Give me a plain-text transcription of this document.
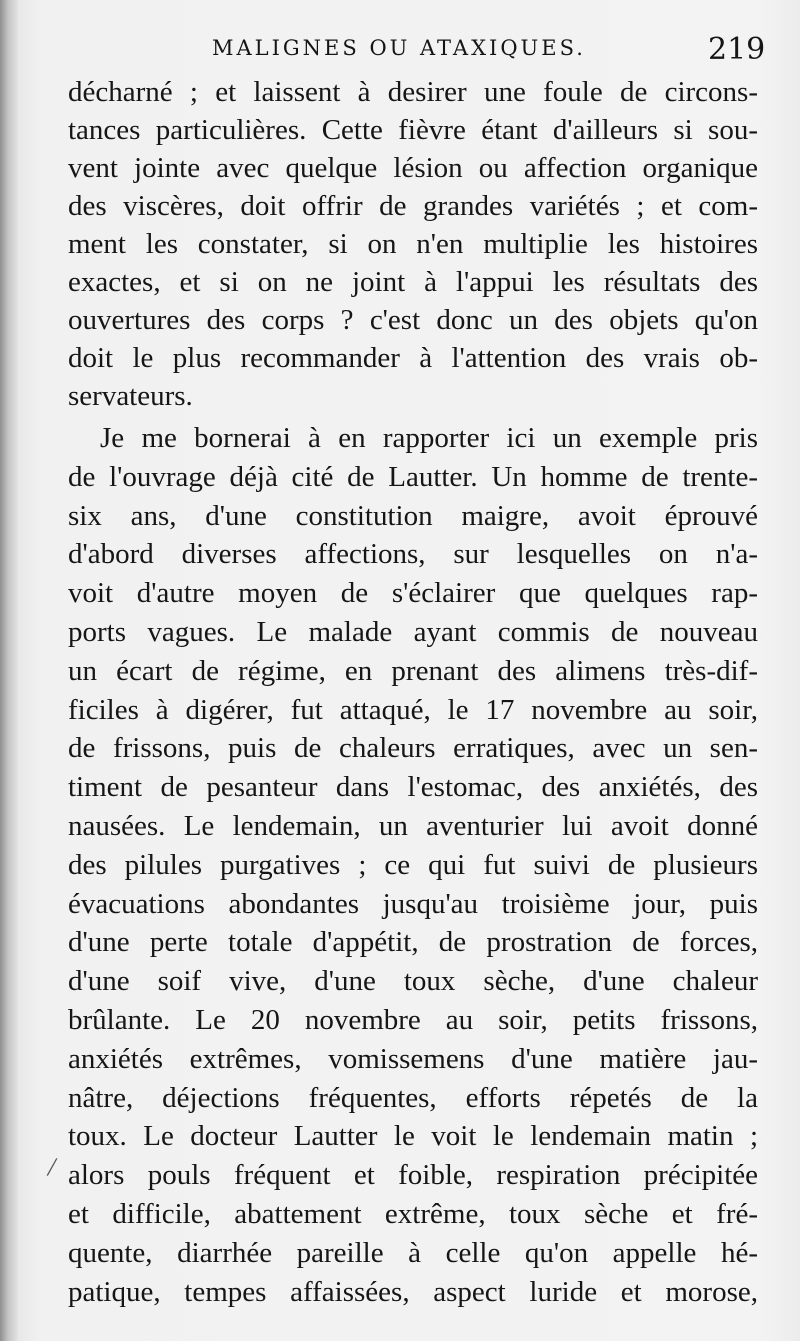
MALIGNES OU ATAXIQUES.	219
décharné ; et laissent à desirer une foule de circons-
tances particulières. Cette fièvre étant d'ailleurs si sou-
vent jointe avec quelque lésion ou affection organique
des viscères, doit offrir de grandes variétés ; et com-
ment les constater, si on n'en multiplie les histoires
exactes, et si on ne joint à l'appui les résultats des
ouvertures des corps ? c'est donc un des objets qu'on
doit le plus recommander à l'attention des vrais ob-
servateurs.
Je me bornerai à en rapporter ici un exemple pris
de l'ouvrage déjà cité de Lautter. Un homme de trente-
six ans, d'une constitution maigre, avoit éprouvé
d'abord diverses affections, sur lesquelles on n'a-
voit d'autre moyen de s'éclairer que quelques rap-
ports vagues. Le malade ayant commis de nouveau
un écart de régime, en prenant des alimens très-dif-
ficiles à digérer, fut attaqué, le 17 novembre au soir,
de frissons, puis de chaleurs erratiques, avec un sen-
timent de pesanteur dans l'estomac, des anxiétés, des
nausées. Le lendemain, un aventurier lui avoit donné
des pilules purgatives ; ce qui fut suivi de plusieurs
évacuations abondantes jusqu'au troisième jour, puis
d'une perte totale d'appétit, de prostration de forces,
d'une soif vive, d'une toux sèche, d'une chaleur
brûlante. Le 20 novembre au soir, petits frissons,
anxiétés extrêmes, vomissemens d'une matière jau-
nâtre, déjections fréquentes, efforts répetés de la
toux. Le docteur Lautter le voit le lendemain matin ;
alors pouls fréquent et foible, respiration précipitée
et difficile, abattement extrême, toux sèche et fré-
quente, diarrhée pareille à celle qu'on appelle hé-
patique, tempes affaissées, aspect luride et morose,
/
